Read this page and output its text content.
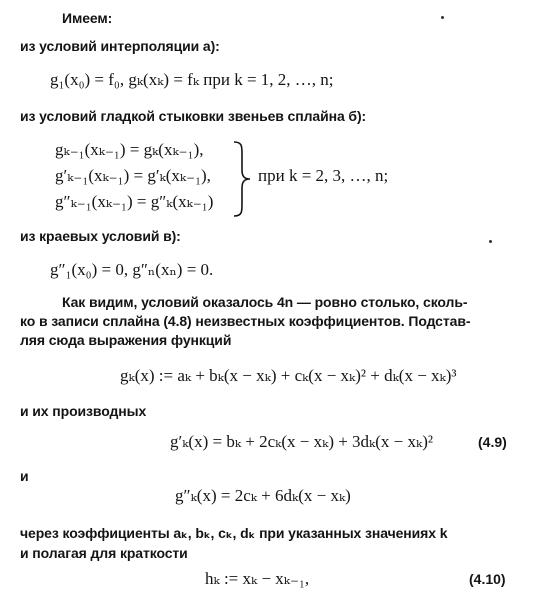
Имеем:
из условий интерполяции а):
g₁(x₀) = f₀, gₖ(xₖ) = fₖ при k = 1, 2, …, n;
из условий гладкой стыковки звеньев сплайна б):
gₖ₋₁(xₖ₋₁) = gₖ(xₖ₋₁),
g′ₖ₋₁(xₖ₋₁) = g′ₖ(xₖ₋₁),
g″ₖ₋₁(xₖ₋₁) = g″ₖ(xₖ₋₁)
при k = 2, 3, …, n;
из краевых условий в):
g″₁(x₀) = 0, g″ₙ(xₙ) = 0.
Как видим, условий оказалось 4n — ровно столько, сколь-
ко в записи сплайна (4.8) неизвестных коэффициентов. Подстав-
ляя сюда выражения функций
gₖ(x) := aₖ + bₖ(x − xₖ) + cₖ(x − xₖ)² + dₖ(x − xₖ)³
и их производных
g′ₖ(x) = bₖ + 2cₖ(x − xₖ) + 3dₖ(x − xₖ)²	(4.9)
и
g″ₖ(x) = 2cₖ + 6dₖ(x − xₖ)
через коэффициенты aₖ, bₖ, cₖ, dₖ при указанных значениях k
и полагая для краткости
hₖ := xₖ − xₖ₋₁,	(4.10)
